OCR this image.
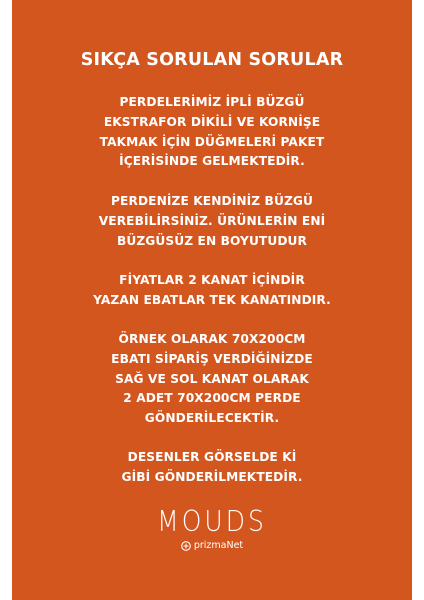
SIKÇA SORULAN SORULAR

PERDELERİMİZ İPLİ BÜZGÜ
EKSTRAFOR DİKİLİ VE KORNİŞE
TAKMAK İÇİN DÜĞMELERİ PAKET
İÇERİSİNDE GELMEKTEDİR.

PERDENİZE KENDİNİZ BÜZGÜ
VEREBİLİRSİNİZ. ÜRÜNLERİN ENİ
BÜZGÜSÜZ EN BOYUTUDUR

FİYATLAR 2 KANAT İÇİNDİR
YAZAN EBATLAR TEK KANATINDIR.

ÖRNEK OLARAK 70X200CM
EBATI SİPARİŞ VERDİĞİNİZDE
SAĞ VE SOL KANAT OLARAK
2 ADET 70X200CM PERDE
GÖNDERİLECEKTİR.

DESENLER GÖRSELDE Kİ
GİBİ GÖNDERİLMEKTEDİR.

MOUDS
prizmaNet
